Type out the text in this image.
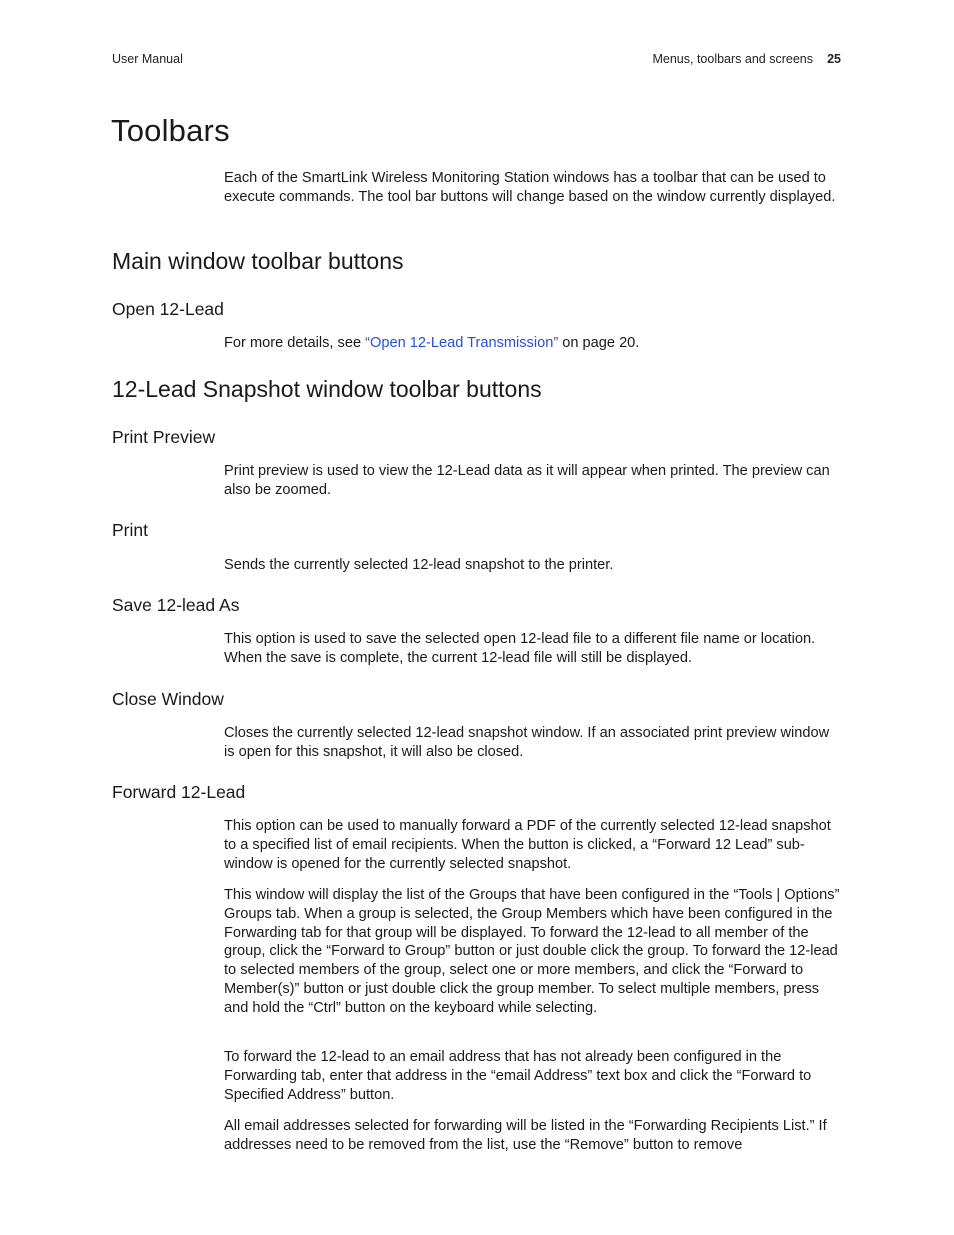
User Manual	Menus, toolbars and screens 25
Toolbars

Each of the SmartLink Wireless Monitoring Station windows has a toolbar that can be used to execute commands. The tool bar buttons will change based on the window currently displayed.

Main window toolbar buttons
Open 12-Lead

For more details, see “Open 12-Lead Transmission” on page 20.

12-Lead Snapshot window toolbar buttons
Print Preview

Print preview is used to view the 12-Lead data as it will appear when printed. The preview can also be zoomed.

Print

Sends the currently selected 12-lead snapshot to the printer.

Save 12-lead As

This option is used to save the selected open 12-lead file to a different file name or location. When the save is complete, the current 12-lead file will still be displayed.

Close Window

Closes the currently selected 12-lead snapshot window. If an associated print preview window is open for this snapshot, it will also be closed.

Forward 12-Lead

This option can be used to manually forward a PDF of the currently selected 12-lead snapshot to a specified list of email recipients. When the button is clicked, a “Forward 12 Lead” sub-window is opened for the currently selected snapshot.

This window will display the list of the Groups that have been configured in the “Tools | Options” Groups tab. When a group is selected, the Group Members which have been configured in the Forwarding tab for that group will be displayed. To forward the 12-lead to all member of the group, click the “Forward to Group” button or just double click the group. To forward the 12-lead to selected members of the group, select one or more members, and click the “Forward to Member(s)” button or just double click the group member. To select multiple members, press and hold the “Ctrl” button on the keyboard while selecting.

To forward the 12-lead to an email address that has not already been configured in the Forwarding tab, enter that address in the “email Address” text box and click the “Forward to Specified Address” button.

All email addresses selected for forwarding will be listed in the “Forwarding Recipients List.” If addresses need to be removed from the list, use the “Remove” button to remove
